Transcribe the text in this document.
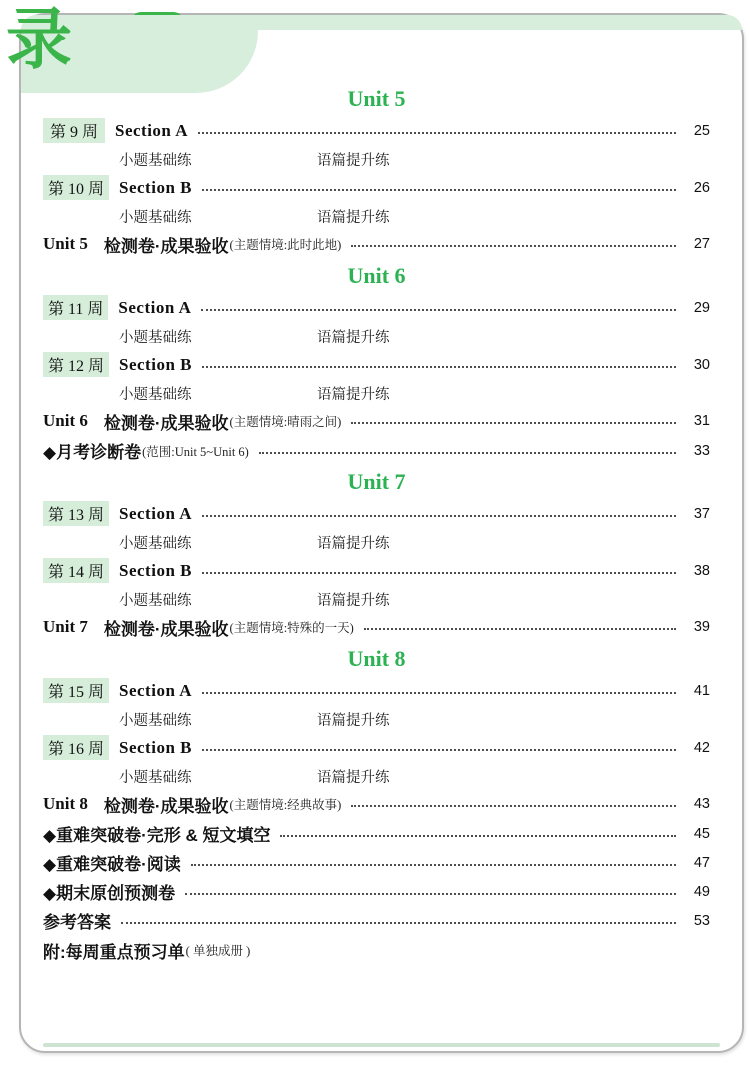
Unit 5
第 9 周	Section A	25
小题基础练	语篇提升练
第 10 周 Section B	26
小题基础练	语篇提升练
Unit 5 检测卷·成果验收 (主题情境:此时此地)	27
Unit 6
第 11 周 Section A	29
小题基础练	语篇提升练
第 12 周 Section B	30
小题基础练	语篇提升练
Unit 6 检测卷·成果验收 (主题情境:晴雨之间)	31
◆月考诊断卷 (范围:Unit 5~Unit 6)	33
Unit 7
第 13 周 Section A	37
小题基础练	语篇提升练
第 14 周 Section B	38
小题基础练	语篇提升练
Unit 7 检测卷·成果验收 (主题情境:特殊的一天)	39
Unit 8
第 15 周 Section A	41
小题基础练	语篇提升练
第 16 周 Section B	42
小题基础练	语篇提升练
Unit 8 检测卷·成果验收 (主题情境:经典故事)	43
◆重难突破卷·完形 & 短文填空	45
◆重难突破卷·阅读	47
◆期末原创预测卷	49
参考答案	53
附:每周重点预习单 ( 单独成册 )
录
